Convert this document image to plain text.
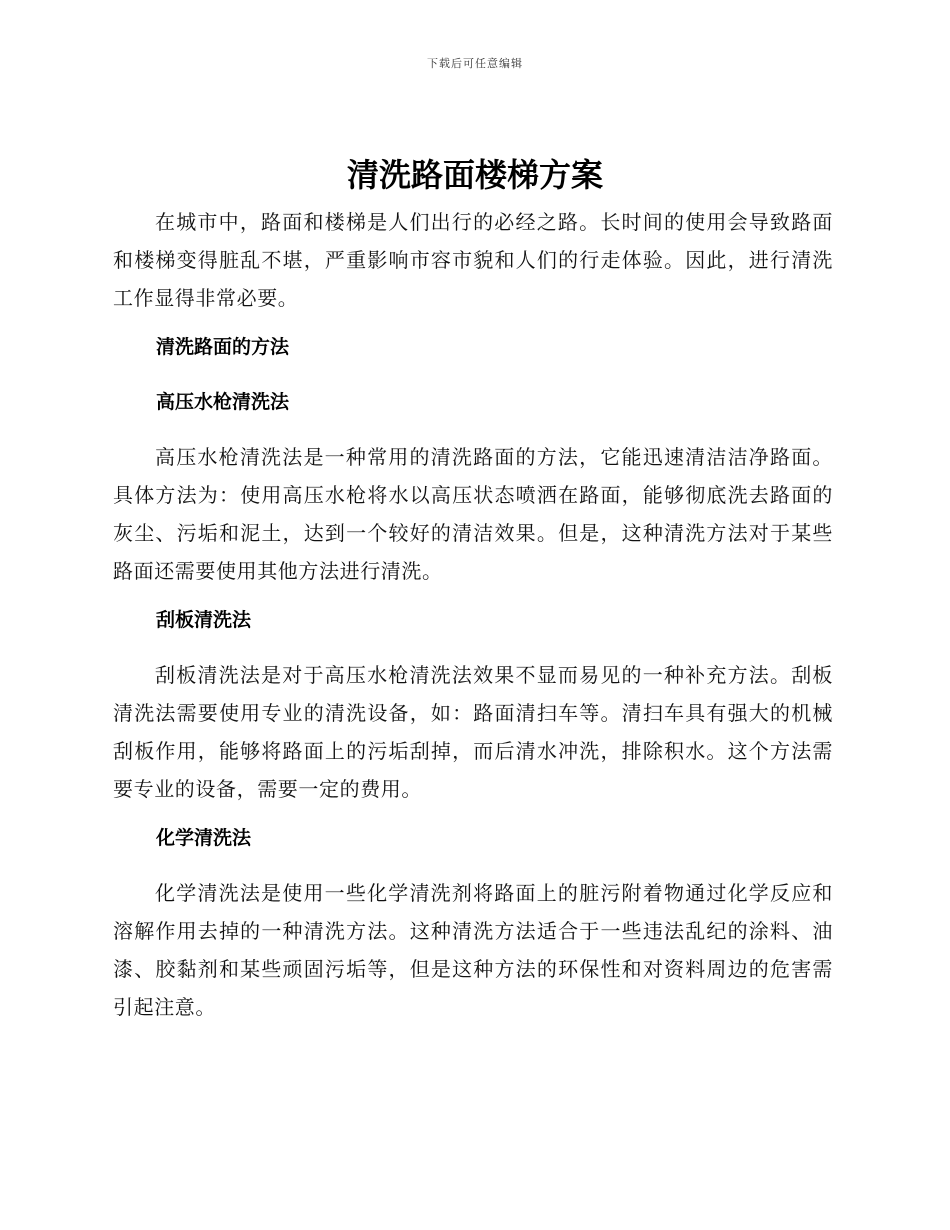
下载后可任意编辑
清洗路面楼梯方案

在城市中，路面和楼梯是人们出行的必经之路。长时间的使用会导致路面和楼梯变得脏乱不堪，严重影响市容市貌和人们的行走体验。因此，进行清洗工作显得非常必要。

清洗路面的方法
高压水枪清洗法

高压水枪清洗法是一种常用的清洗路面的方法，它能迅速清洁洁净路面。具体方法为：使用高压水枪将水以高压状态喷洒在路面，能够彻底洗去路面的灰尘、污垢和泥土，达到一个较好的清洁效果。但是，这种清洗方法对于某些路面还需要使用其他方法进行清洗。

刮板清洗法

刮板清洗法是对于高压水枪清洗法效果不显而易见的一种补充方法。刮板清洗法需要使用专业的清洗设备，如：路面清扫车等。清扫车具有强大的机械刮板作用，能够将路面上的污垢刮掉，而后清水冲洗，排除积水。这个方法需要专业的设备，需要一定的费用。

化学清洗法

化学清洗法是使用一些化学清洗剂将路面上的脏污附着物通过化学反应和溶解作用去掉的一种清洗方法。这种清洗方法适合于一些违法乱纪的涂料、油漆、胶黏剂和某些顽固污垢等，但是这种方法的环保性和对资料周边的危害需引起注意。
